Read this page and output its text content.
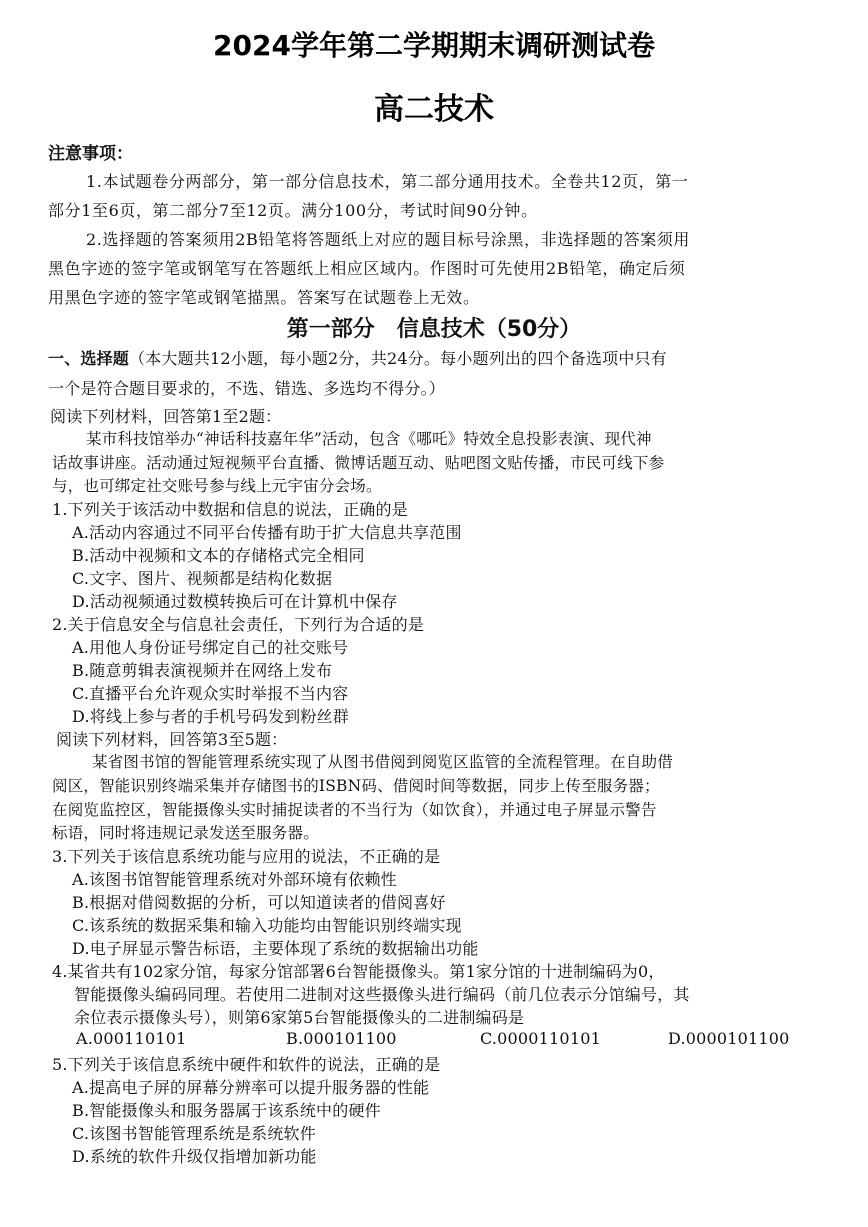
2024学年第二学期期末调研测试卷
高二技术
注意事项：
1.本试题卷分两部分，第一部分信息技术，第二部分通用技术。全卷共12页，第一
部分1至6页，第二部分7至12页。满分100分，考试时间90分钟。
2.选择题的答案须用2B铅笔将答题纸上对应的题目标号涂黑，非选择题的答案须用
黑色字迹的签字笔或钢笔写在答题纸上相应区域内。作图时可先使用2B铅笔，确定后须
用黑色字迹的签字笔或钢笔描黑。答案写在试题卷上无效。
第一部分　信息技术（50分）
一、选择题（本大题共12小题，每小题2分，共24分。每小题列出的四个备选项中只有
一个是符合题目要求的，不选、错选、多选均不得分。）
阅读下列材料，回答第1至2题：
某市科技馆举办“神话科技嘉年华”活动，包含《哪吒》特效全息投影表演、现代神
话故事讲座。活动通过短视频平台直播、微博话题互动、贴吧图文贴传播，市民可线下参
与，也可绑定社交账号参与线上元宇宙分会场。
1.下列关于该活动中数据和信息的说法，正确的是
A.活动内容通过不同平台传播有助于扩大信息共享范围
B.活动中视频和文本的存储格式完全相同
C.文字、图片、视频都是结构化数据
D.活动视频通过数模转换后可在计算机中保存
2.关于信息安全与信息社会责任，下列行为合适的是
A.用他人身份证号绑定自己的社交账号
B.随意剪辑表演视频并在网络上发布
C.直播平台允许观众实时举报不当内容
D.将线上参与者的手机号码发到粉丝群
阅读下列材料，回答第3至5题：
某省图书馆的智能管理系统实现了从图书借阅到阅览区监管的全流程管理。在自助借
阅区，智能识别终端采集并存储图书的ISBN码、借阅时间等数据，同步上传至服务器；
在阅览监控区，智能摄像头实时捕捉读者的不当行为（如饮食），并通过电子屏显示警告
标语，同时将违规记录发送至服务器。
3.下列关于该信息系统功能与应用的说法，不正确的是
A.该图书馆智能管理系统对外部环境有依赖性
B.根据对借阅数据的分析，可以知道读者的借阅喜好
C.该系统的数据采集和输入功能均由智能识别终端实现
D.电子屏显示警告标语，主要体现了系统的数据输出功能
4.某省共有102家分馆，每家分馆部署6台智能摄像头。第1家分馆的十进制编码为0，
智能摄像头编码同理。若使用二进制对这些摄像头进行编码（前几位表示分馆编号，其
余位表示摄像头号），则第6家第5台智能摄像头的二进制编码是
A.000110101	B.000101100	C.0000110101	D.0000101100
5.下列关于该信息系统中硬件和软件的说法，正确的是
A.提高电子屏的屏幕分辨率可以提升服务器的性能
B.智能摄像头和服务器属于该系统中的硬件
C.该图书智能管理系统是系统软件
D.系统的软件升级仅指增加新功能
